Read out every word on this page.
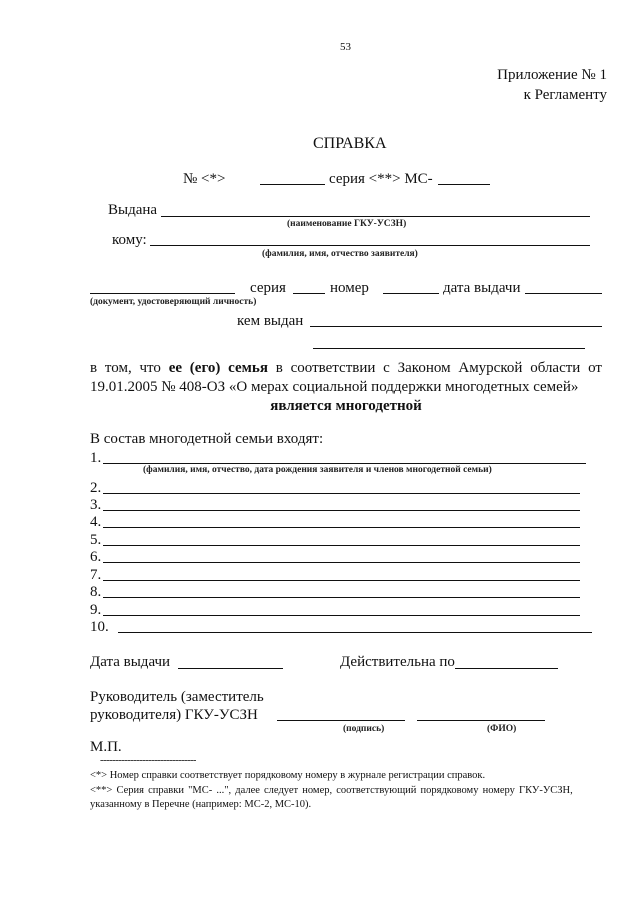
53
Приложение № 1
к Регламенту
СПРАВКА
№ <*>	серия <**> МС-
Выдана
(наименование ГКУ-УСЗН)
кому:
(фамилия, имя, отчество заявителя)
серия	номер	дата выдачи
(документ, удостоверяющий личность)
кем выдан
в том, что ее (его) семья в соответствии с Законом Амурской области от 19.01.2005 № 408-ОЗ «О мерах социальной поддержки многодетных семей»
является многодетной
В состав многодетной семьи входят:
1.
2.
3.
4.
5.
6.
7.
8.
9.
10.
(фамилия, имя, отчество, дата рождения заявителя и членов многодетной семьи)
Дата выдачи	Действительна по
Руководитель (заместитель
руководителя) ГКУ-УСЗН
(подпись)	(ФИО)
М.П.
--------------------------------
<*> Номер справки соответствует порядковому номеру в журнале регистрации справок.
<**> Серия справки "МС- ...", далее следует номер, соответствующий порядковому номеру ГКУ-УСЗН,
указанному в Перечне (например: МС-2, МС-10).
